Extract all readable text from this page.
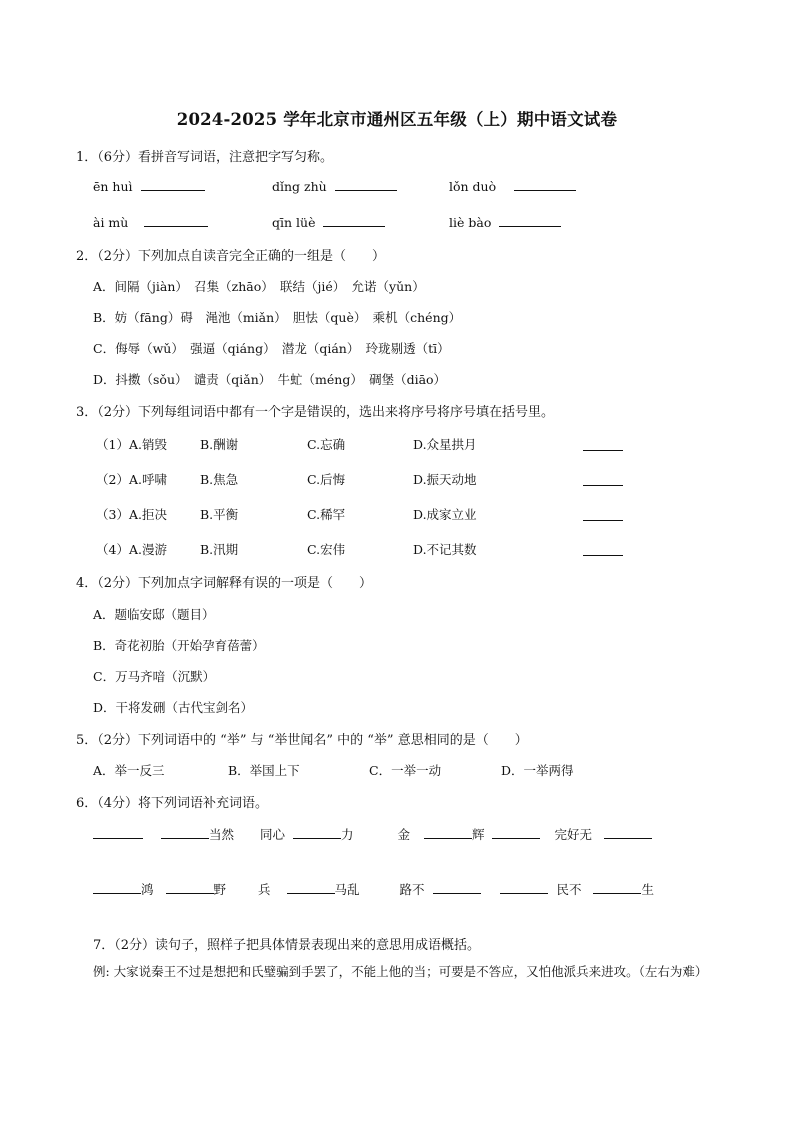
2024-2025 学年北京市通州区五年级（上）期中语文试卷
1．（6分）看拼音写词语，注意把字写匀称。
ēn huì	dǐng zhù	lǒn duò
ài mù	qīn lüè	liè bào
2．（2分）下列加点自读音完全正确的一组是（　　）
A．间隔（jiàn）　召集（zhāo）　联结（jié）　允诺（yǔn）
B．妨（fāng）碍　渑池（miǎn）　胆怯（què）　乘机（chéng）
C．侮辱（wǔ）　强逼（qiáng）　潜龙（qián）　玲珑剔透（tī）
D．抖擞（sǒu）　谴责（qiǎn）　牛虻（méng）　碉堡（diāo）
3．（2分）下列每组词语中都有一个字是错误的，选出来将序号将序号填在括号里。
（1）A.销毁	B.酬谢	C.忘确	D.众星拱月
（2）A.呼啸	B.焦急	C.后悔	D.振天动地
（3）A.拒决	B.平衡	C.稀罕	D.成家立业
（4）A.漫游	B.汛期	C.宏伟	D.不记其数
4．（2分）下列加点字词解释有误的一项是（　　）
A．题临安邸（题目）
B．奇花初胎（开始孕育蓓蕾）
C．万马齐喑（沉默）
D．干将发硎（古代宝剑名）
5．（2分）下列词语中的 “举” 与 “举世闻名” 中的 “举” 意思相同的是（　　）
A．举一反三	B．举国上下	C．一举一动	D．一举两得
6．（4分）将下列词语补充词语。
当然 同心	力	金	辉	完好无
鸿	野	兵	马乱	路不	民不	生
7．（2分）读句子，照样子把具体情景表现出来的意思用成语概括。
例: 大家说秦王不过是想把和氏璧骗到手罢了，不能上他的当；可要是不答应，又怕他派兵来进攻。（左右为难）
